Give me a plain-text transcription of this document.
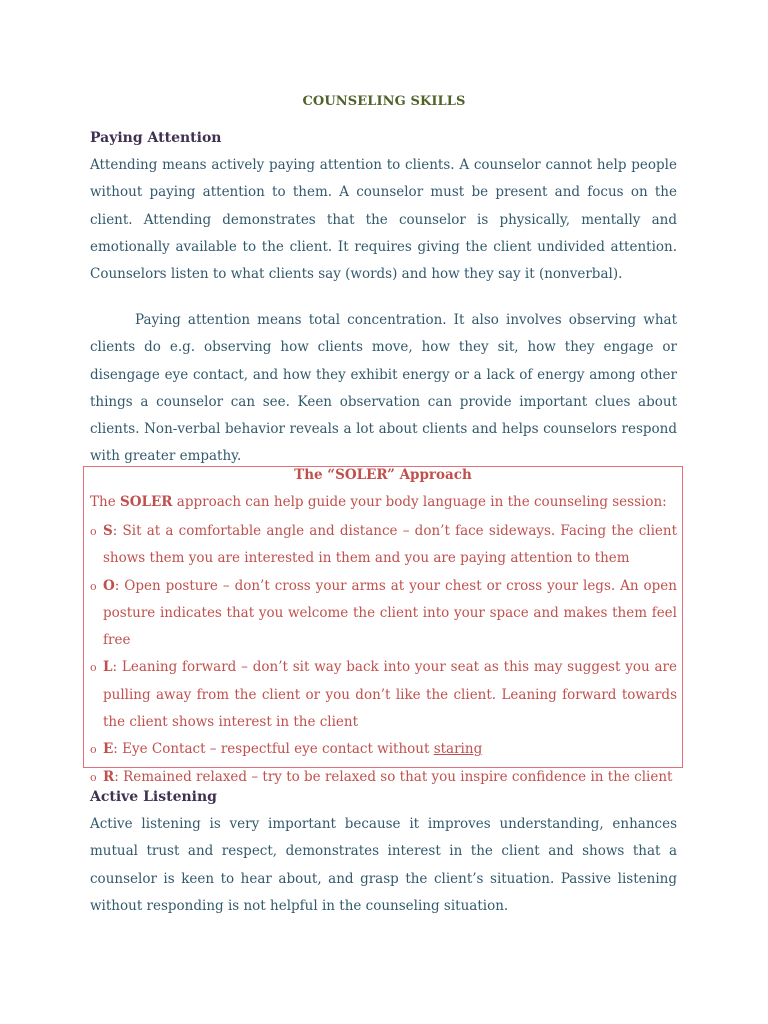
COUNSELING SKILLS
Paying Attention

Attending means actively paying attention to clients. A counselor cannot help people without paying attention to them. A counselor must be present and focus on the client. Attending demonstrates that the counselor is physically, mentally and emotionally available to the client. It requires giving the client undivided attention. Counselors listen to what clients say (words) and how they say it (nonverbal).

Paying attention means total concentration. It also involves observing what clients do e.g. observing how clients move, how they sit, how they engage or disengage eye contact, and how they exhibit energy or a lack of energy among other things a counselor can see. Keen observation can provide important clues about clients. Non-verbal behavior reveals a lot about clients and helps counselors respond with greater empathy.

The “SOLER” Approach
The SOLER approach can help guide your body language in the counseling session:
o S: Sit at a comfortable angle and distance – don’t face sideways. Facing the client shows them you are interested in them and you are paying attention to them
o O: Open posture – don’t cross your arms at your chest or cross your legs. An open posture indicates that you welcome the client into your space and makes them feel free
o L: Leaning forward – don’t sit way back into your seat as this may suggest you are pulling away from the client or you don’t like the client. Leaning forward towards the client shows interest in the client
o E: Eye Contact – respectful eye contact without staring
o R: Remained relaxed – try to be relaxed so that you inspire confidence in the client
Active Listening

Active listening is very important because it improves understanding, enhances mutual trust and respect, demonstrates interest in the client and shows that a counselor is keen to hear about, and grasp the client’s situation. Passive listening without responding is not helpful in the counseling situation.
